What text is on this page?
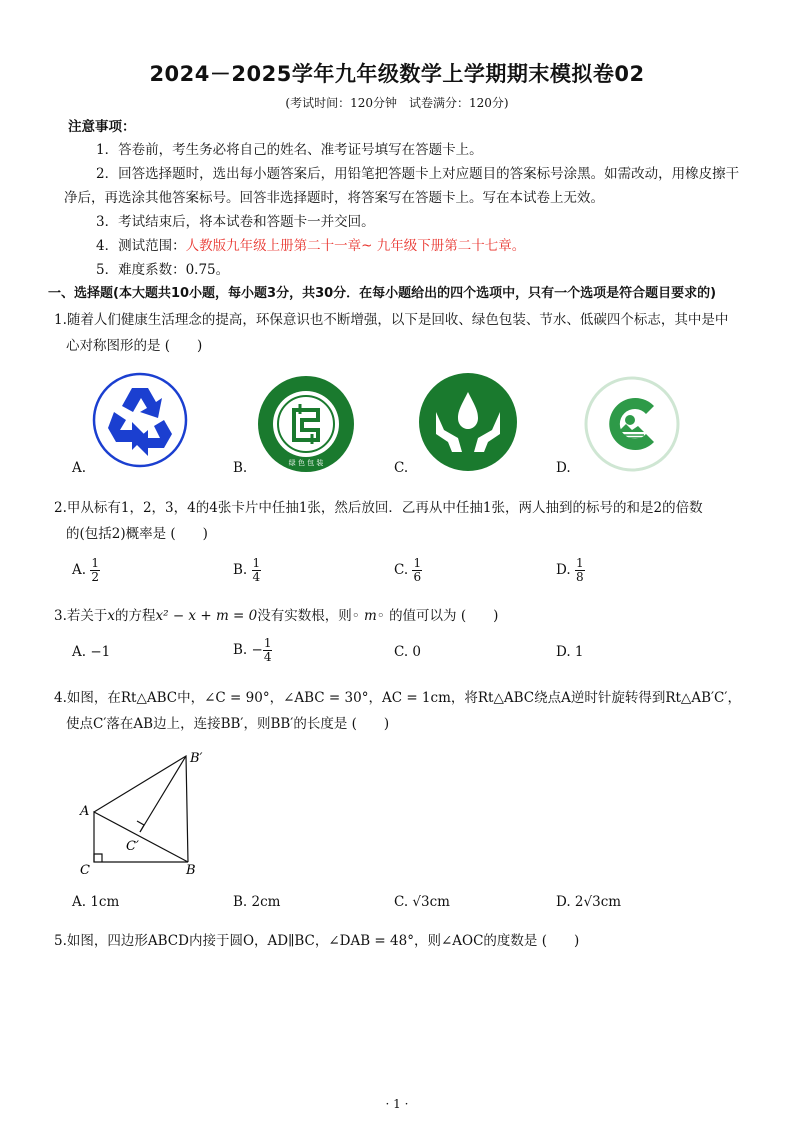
2024－2025学年九年级数学上学期期末模拟卷02
(考试时间：120分钟　试卷满分：120分)
注意事项：
1．答卷前，考生务必将自己的姓名、准考证号填写在答题卡上。
2．回答选择题时，选出每小题答案后，用铅笔把答题卡上对应题目的答案标号涂黑。如需改动，用橡皮擦干
净后，再选涂其他答案标号。回答非选择题时，将答案写在答题卡上。写在本试卷上无效。
3．考试结束后，将本试卷和答题卡一并交回。
4．测试范围：人教版九年级上册第二十一章~ 九年级下册第二十七章。
5．难度系数：0.75。
一、选择题(本大题共10小题，每小题3分，共30分．在每小题给出的四个选项中，只有一个选项是符合题目要求的)
1.随着人们健康生活理念的提高，环保意识也不断增强，以下是回收、绿色包装、节水、低碳四个标志，其中是中
心对称图形的是 (　　)
A.	绿 色 包 装
B.	C.	D.
2.甲从标有1，2，3，4的4张卡片中任抽1张，然后放回．乙再从中任抽1张，两人抽到的标号的和是2的倍数
的(包括2)概率是 (　　)
A. $\frac{1}{2}$	B. $\frac{1}{4}$	C. $\frac{1}{6}$	D. $\frac{1}{8}$
3.若关于x的方程x² − x + m = 0没有实数根，则◦ m◦ 的值可以为 (　　)
A. −1	B. − $\frac{1}{4}$	C. 0	D. 1
4.如图，在Rt△ABC中，∠C = 90°，∠ABC = 30°，AC = 1cm，将Rt△ABC绕点A逆时针旋转得到Rt△AB′C′，
使点C′落在AB边上，连接BB′，则BB′的长度是 (　　)
A
C	B
B′
C′
A. 1cm	B. 2cm	C. √3cm	D. 2√3cm
5.如图，四边形ABCD内接于圆O，AD∥BC，∠DAB = 48°，则∠AOC的度数是 (　　)
· 1 ·
